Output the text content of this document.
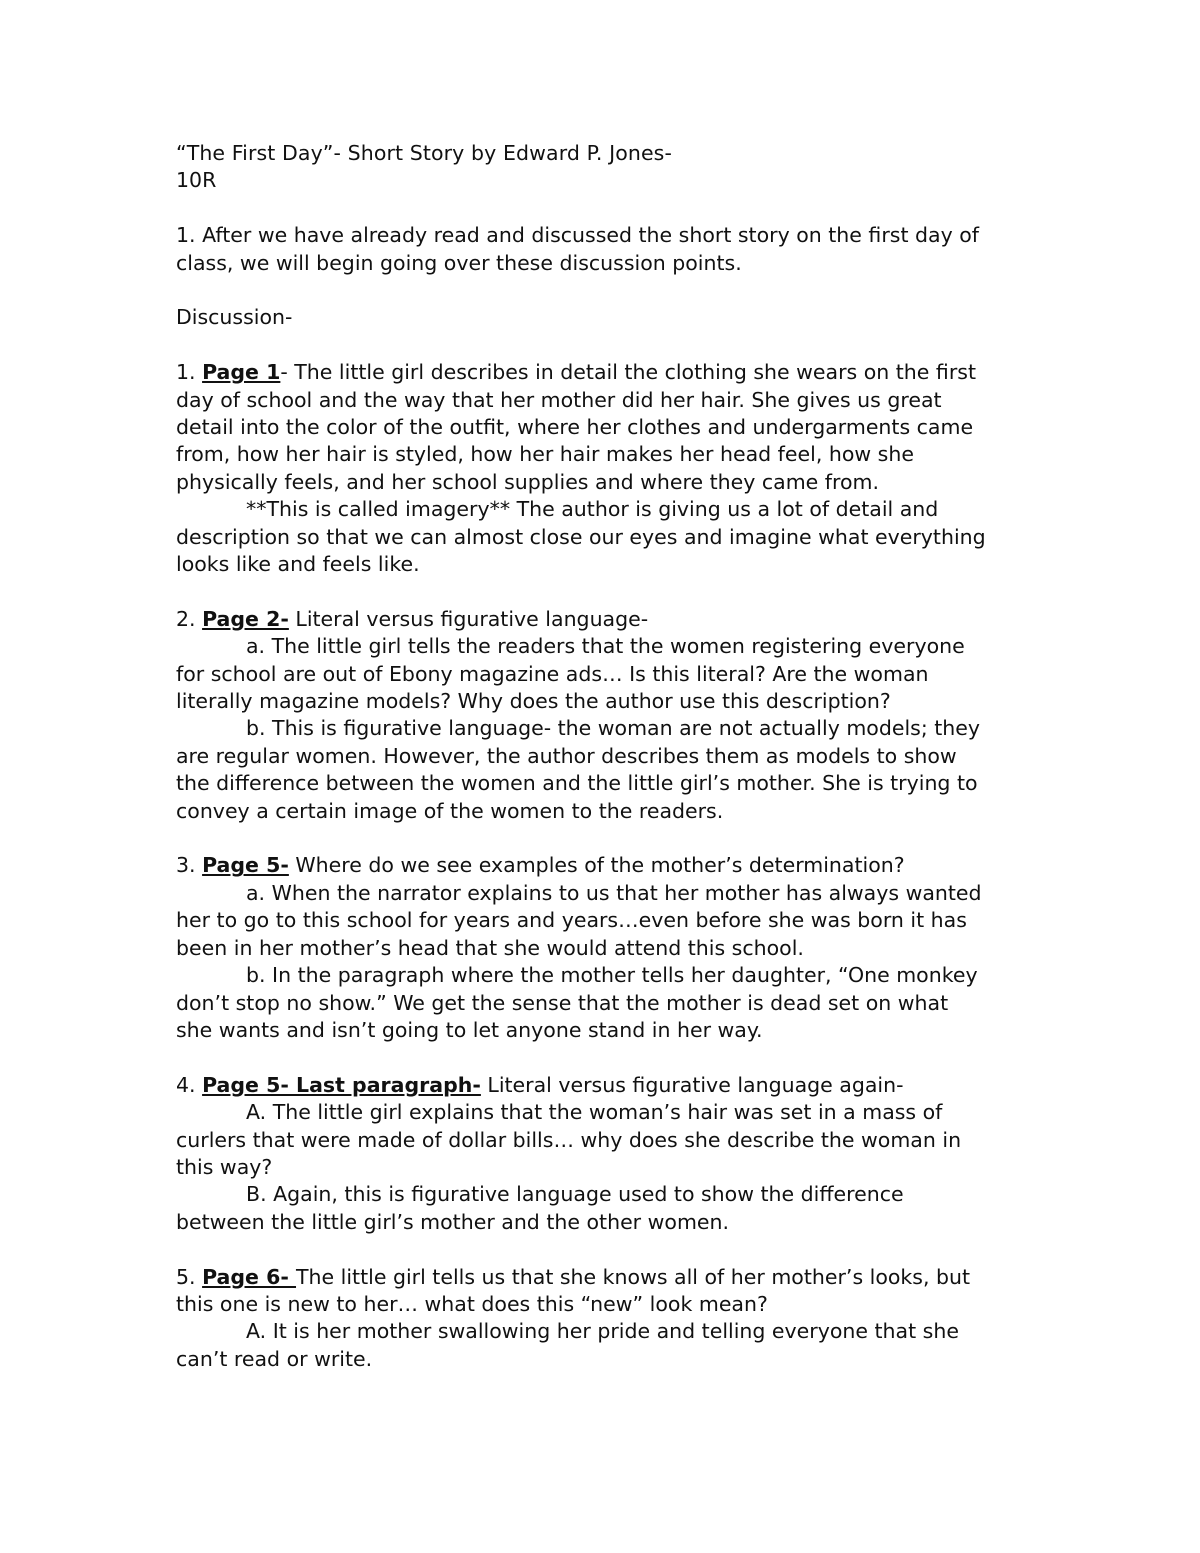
“The First Day”- Short Story by Edward P. Jones-

10R

1. After we have already read and discussed the short story on the first day of

class, we will begin going over these discussion points.

Discussion-

1. Page 1- The little girl describes in detail the clothing she wears on the first

day of school and the way that her mother did her hair. She gives us great

detail into the color of the outfit, where her clothes and undergarments came

from, how her hair is styled, how her hair makes her head feel, how she

physically feels, and her school supplies and where they came from.

**This is called imagery** The author is giving us a lot of detail and

description so that we can almost close our eyes and imagine what everything

looks like and feels like.

2. Page 2- Literal versus figurative language-

a. The little girl tells the readers that the women registering everyone

for school are out of Ebony magazine ads… Is this literal? Are the woman

literally magazine models? Why does the author use this description?

b. This is figurative language- the woman are not actually models; they

are regular women. However, the author describes them as models to show

the difference between the women and the little girl’s mother. She is trying to

convey a certain image of the women to the readers.

3. Page 5- Where do we see examples of the mother’s determination?

a. When the narrator explains to us that her mother has always wanted

her to go to this school for years and years…even before she was born it has

been in her mother’s head that she would attend this school.

b. In the paragraph where the mother tells her daughter, “One monkey

don’t stop no show.” We get the sense that the mother is dead set on what

she wants and isn’t going to let anyone stand in her way.

4. Page 5- Last paragraph- Literal versus figurative language again-

A. The little girl explains that the woman’s hair was set in a mass of

curlers that were made of dollar bills… why does she describe the woman in

this way?

B. Again, this is figurative language used to show the difference

between the little girl’s mother and the other women.

5. Page 6- The little girl tells us that she knows all of her mother’s looks, but

this one is new to her… what does this “new” look mean?

A. It is her mother swallowing her pride and telling everyone that she

can’t read or write.
